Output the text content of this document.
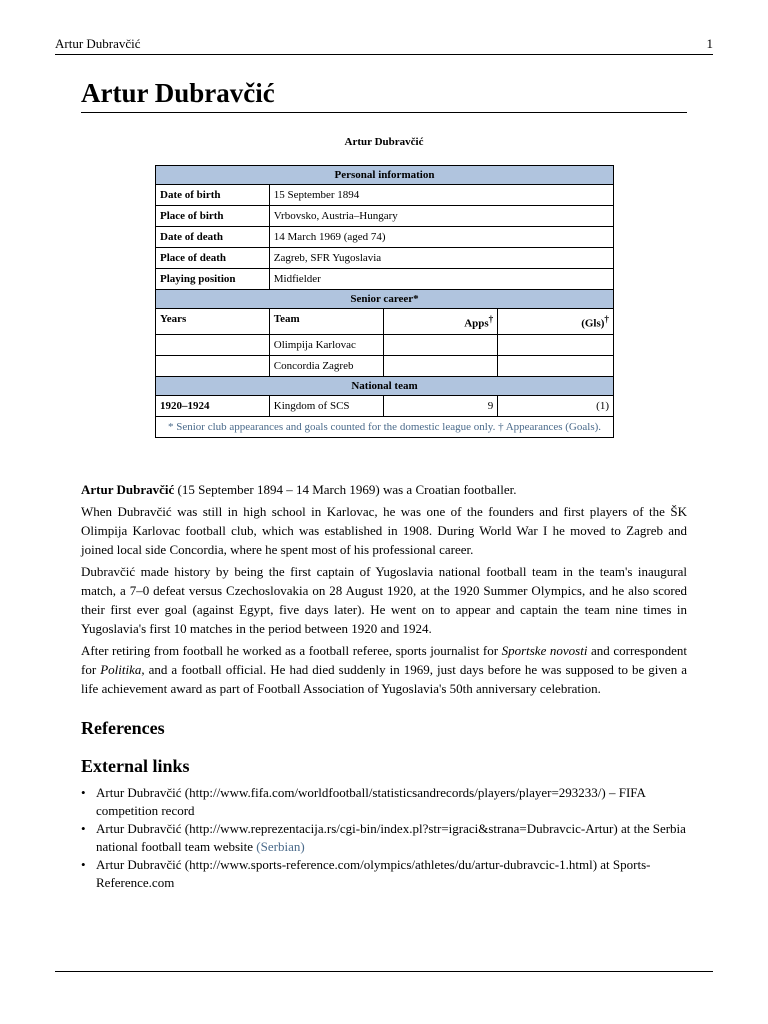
Artur Dubravčić	1
Artur Dubravčić
Artur Dubravčić
Personal information			
Date of birth	15 September 1894		
Place of birth	Vrbovsko, Austria–Hungary		
Date of death	14 March 1969 (aged 74)		
Place of death	Zagreb, SFR Yugoslavia		
Playing position	Midfielder		
Senior career*			
Years	Team	Apps†	(Gls)†
	Olimpija Karlovac		
	Concordia Zagreb		
National team			
1920–1924	Kingdom of SCS	9	(1)
* Senior club appearances and goals counted for the domestic league only. † Appearances (Goals).			

Artur Dubravčić (15 September 1894 – 14 March 1969) was a Croatian footballer.

When Dubravčić was still in high school in Karlovac, he was one of the founders and first players of the ŠK Olimpija Karlovac football club, which was established in 1908. During World War I he moved to Zagreb and joined local side Concordia, where he spent most of his professional career.

Dubravčić made history by being the first captain of Yugoslavia national football team in the team's inaugural match, a 7–0 defeat versus Czechoslovakia on 28 August 1920, at the 1920 Summer Olympics, and he also scored their first ever goal (against Egypt, five days later). He went on to appear and captain the team nine times in Yugoslavia's first 10 matches in the period between 1920 and 1924.

After retiring from football he worked as a football referee, sports journalist for Sportske novosti and correspondent for Politika, and a football official. He had died suddenly in 1969, just days before he was supposed to be given a life achievement award as part of Football Association of Yugoslavia's 50th anniversary celebration.

References
External links
• Artur Dubravčić (http://www.fifa.com/worldfootball/statisticsandrecords/players/player=293233/) – FIFA competition record
• Artur Dubravčić (http://www.reprezentacija.rs/cgi-bin/index.pl?str=igraci&strana=Dubravcic-Artur) at the Serbia national football team website (Serbian)
• Artur Dubravčić (http://www.sports-reference.com/olympics/athletes/du/artur-dubravcic-1.html) at Sports-Reference.com
